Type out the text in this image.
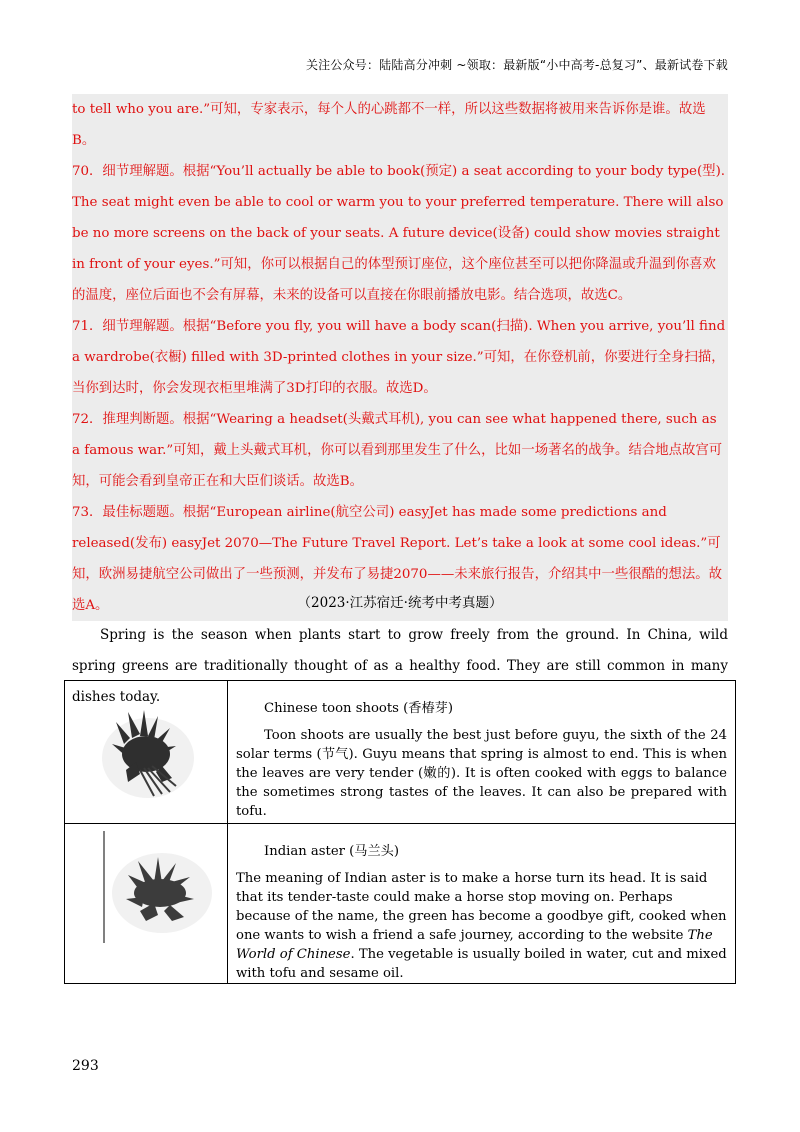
关注公众号：陆陆高分冲刺 ~领取：最新版“小中高考-总复习”、最新试卷下载

to tell who you are.”可知，专家表示，每个人的心跳都不一样，所以这些数据将被用来告诉你是谁。故选B。

70．细节理解题。根据“You’ll actually be able to book(预定) a seat according to your body type(型). The seat might even be able to cool or warm you to your preferred temperature. There will also be no more screens on the back of your seats. A future device(设备) could show movies straight in front of your eyes.”可知，你可以根据自己的体型预订座位，这个座位甚至可以把你降温或升温到你喜欢的温度，座位后面也不会有屏幕，未来的设备可以直接在你眼前播放电影。结合选项，故选C。

71．细节理解题。根据“Before you fly, you will have a body scan(扫描). When you arrive, you’ll find a wardrobe(衣橱) filled with 3D-printed clothes in your size.”可知，在你登机前，你要进行全身扫描，当你到达时，你会发现衣柜里堆满了3D打印的衣服。故选D。

72．推理判断题。根据“Wearing a headset(头戴式耳机), you can see what happened there, such as a famous war.”可知，戴上头戴式耳机，你可以看到那里发生了什么，比如一场著名的战争。结合地点故宫可知，可能会看到皇帝正在和大臣们谈话。故选B。

73．最佳标题题。根据“European airline(航空公司) easyJet has made some predictions and released(发布) easyJet 2070—The Future Travel Report. Let’s take a look at some cool ideas.”可知，欧洲易捷航空公司做出了一些预测，并发布了易捷2070——未来旅行报告，介绍其中一些很酷的想法。故选A。	（2023·江苏宿迁·统考中考真题）

Spring is the season when plants start to grow freely from the ground. In China, wild spring greens are traditionally thought of as a healthy food. They are still common in many dishes today.

Chinese toon shoots (香椿芽)

Toon shoots are usually the best just before guyu, the sixth of the 24 solar terms (节气). Guyu means that spring is almost to end. This is when the leaves are very tender (嫩的). It is often cooked with eggs to balance the sometimes strong tastes of the leaves. It can also be prepared with tofu.

Indian aster (马兰头)

The meaning of Indian aster is to make a horse turn its head. It is said that its tender-taste could make a horse stop moving on. Perhaps because of the name, the green has become a goodbye gift, cooked when one wants to wish a friend a safe journey, according to the website The World of Chinese. The vegetable is usually boiled in water, cut and mixed with tofu and sesame oil.

293
